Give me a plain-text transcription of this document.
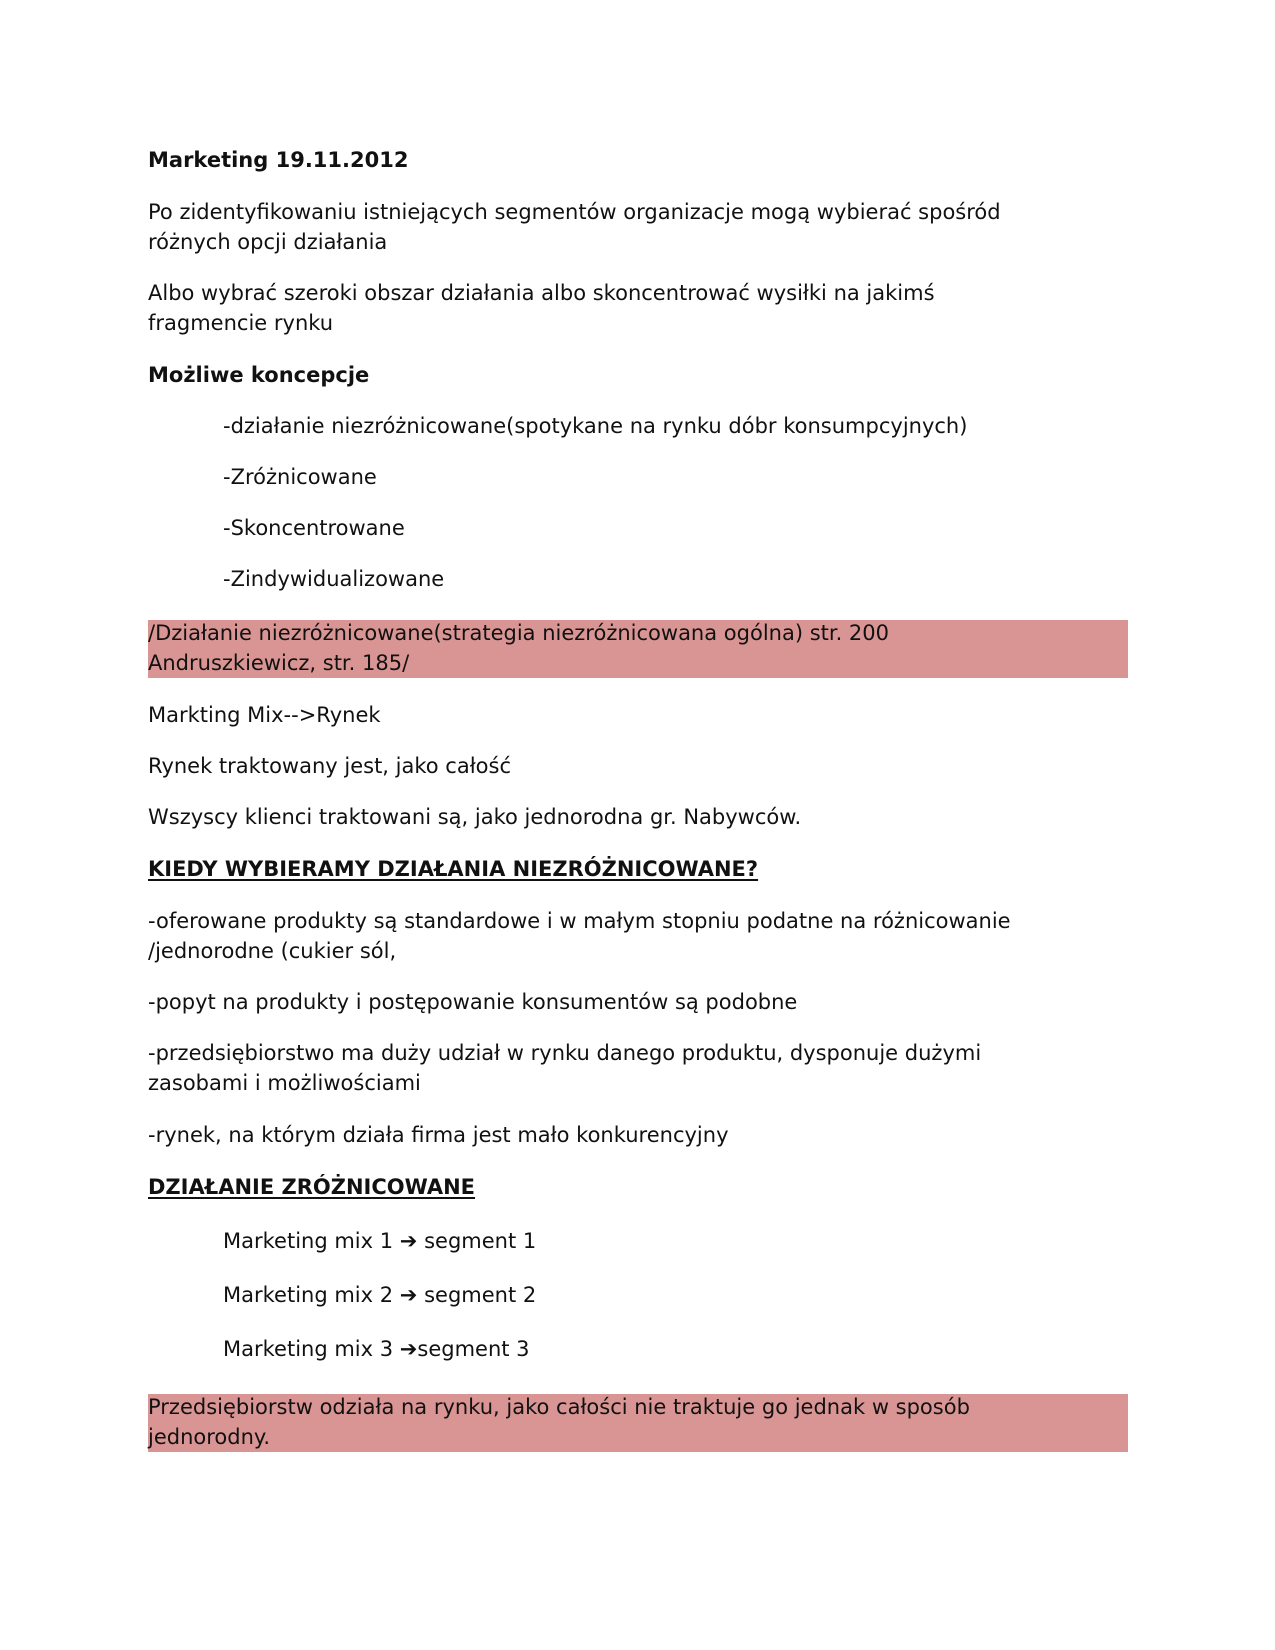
Marketing 19.11.2012

Po zidentyfikowaniu istniejących segmentów organizacje mogą wybierać spośród

różnych opcji działania

Albo wybrać szeroki obszar działania albo skoncentrować wysiłki na jakimś

fragmencie rynku

Możliwe koncepcje

-działanie niezróżnicowane(spotykane na rynku dóbr konsumpcyjnych)

-Zróżnicowane

-Skoncentrowane

-Zindywidualizowane

/Działanie niezróżnicowane(strategia niezróżnicowana ogólna) str. 200

Andruszkiewicz, str. 185/

Markting Mix-->Rynek

Rynek traktowany jest, jako całość

Wszyscy klienci traktowani są, jako jednorodna gr. Nabywców.

KIEDY WYBIERAMY DZIAŁANIA NIEZRÓŻNICOWANE?

-oferowane produkty są standardowe i w małym stopniu podatne na różnicowanie

/jednorodne (cukier sól,

-popyt na produkty i postępowanie konsumentów są podobne

-przedsiębiorstwo ma duży udział w rynku danego produktu, dysponuje dużymi

zasobami i możliwościami

-rynek, na którym działa firma jest mało konkurencyjny

DZIAŁANIE ZRÓŻNICOWANE

Marketing mix 1 ➔ segment 1

Marketing mix 2 ➔ segment 2

Marketing mix 3 ➔segment 3

Przedsiębiorstw odziała na rynku, jako całości nie traktuje go jednak w sposób

jednorodny.
